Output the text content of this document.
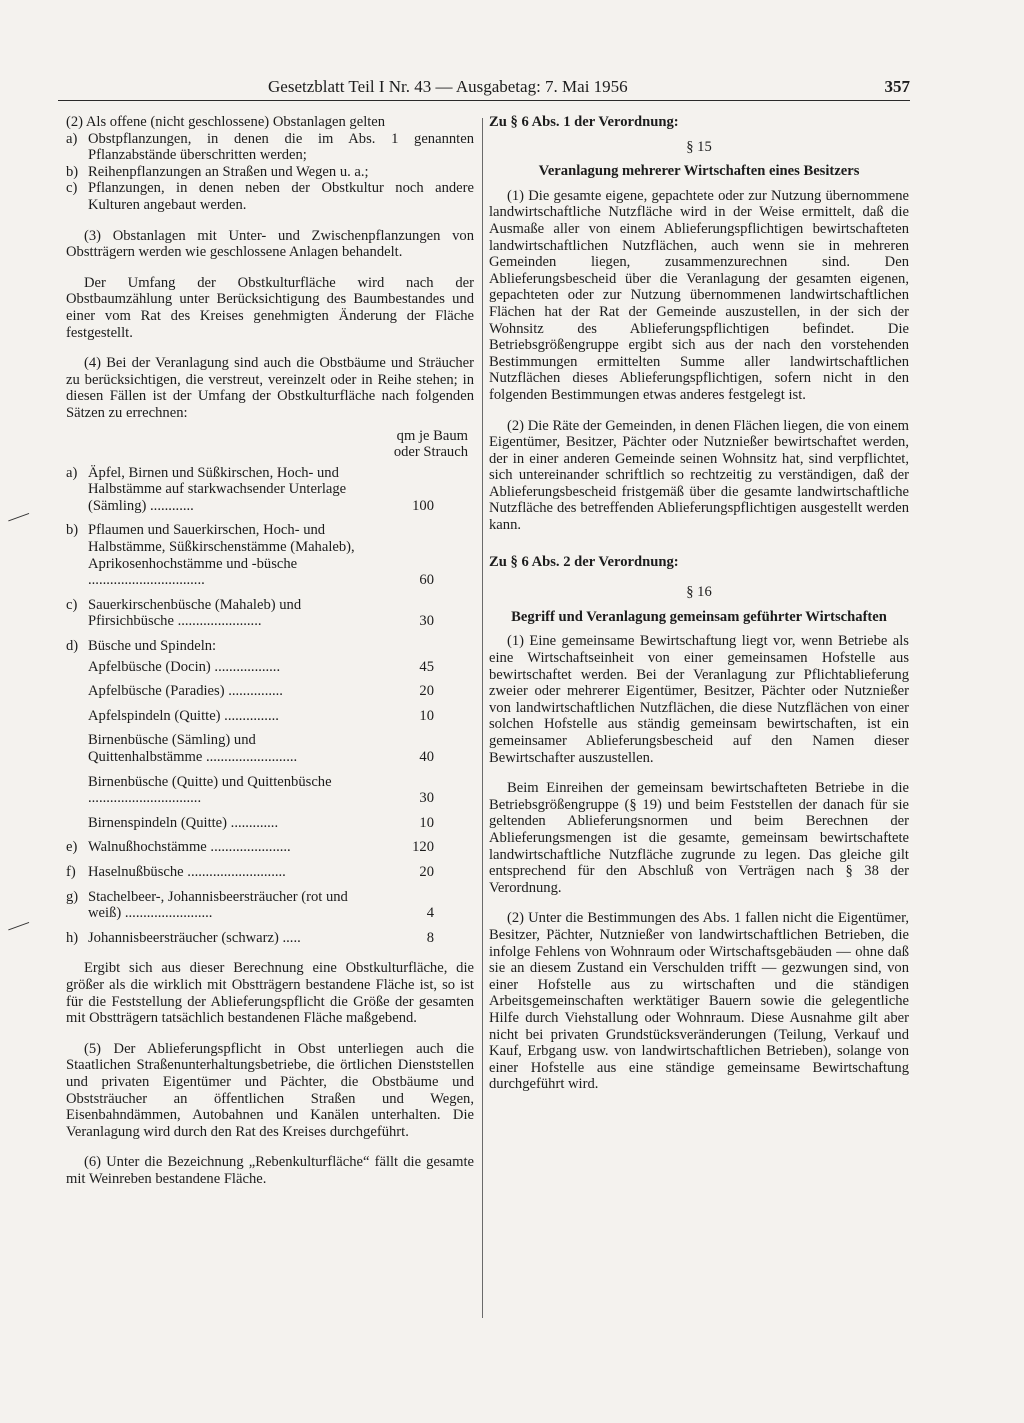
Gesetzblatt Teil I Nr. 43 — Ausgabetag: 7. Mai 1956	357
(2) Als offene (nicht geschlossene) Obstanlagen gelten
a) Obstpflanzungen, in denen die im Abs. 1 genannten Pflanzabstände überschritten werden;
b) Reihenpflanzungen an Straßen und Wegen u. a.;
c) Pflanzungen, in denen neben der Obstkultur noch andere Kulturen angebaut werden.

(3) Obstanlagen mit Unter- und Zwischenpflanzungen von Obstträgern werden wie geschlossene Anlagen behandelt.

Der Umfang der Obstkulturfläche wird nach der Obstbaumzählung unter Berücksichtigung des Baumbestandes und einer vom Rat des Kreises genehmigten Änderung der Fläche festgestellt.

(4) Bei der Veranlagung sind auch die Obstbäume und Sträucher zu berücksichtigen, die verstreut, vereinzelt oder in Reihe stehen; in diesen Fällen ist der Umfang der Obstkulturfläche nach folgenden Sätzen zu errechnen:

qm je Baum
oder Strauch
a) Äpfel, Birnen und Süßkirschen, Hoch- und Halbstämme auf starkwachsender Unterlage (Sämling) ............	100
b) Pflaumen und Sauerkirschen, Hoch- und Halbstämme, Süßkirschenstämme (Mahaleb), Aprikosenhochstämme und -büsche ................................	60
c) Sauerkirschenbüsche (Mahaleb) und Pfirsichbüsche .......................	30
d) Büsche und Spindeln:
Apfelbüsche (Docin) ..................	45
Apfelbüsche (Paradies) ...............	20
Apfelspindeln (Quitte) ...............	10
Birnenbüsche (Sämling) und Quittenhalbstämme .........................	40
Birnenbüsche (Quitte) und Quittenbüsche ...............................	30
Birnenspindeln (Quitte) .............	10
e) Walnußhochstämme ......................	120
f) Haselnußbüsche ...........................	20
g) Stachelbeer-, Johannisbeersträucher (rot und weiß) ........................	4
h) Johannisbeersträucher (schwarz) .....	8

Ergibt sich aus dieser Berechnung eine Obstkulturfläche, die größer als die wirklich mit Obstträgern bestandene Fläche ist, so ist für die Feststellung der Ablieferungspflicht die Größe der gesamten mit Obstträgern tatsächlich bestandenen Fläche maßgebend.

(5) Der Ablieferungspflicht in Obst unterliegen auch die Staatlichen Straßenunterhaltungsbetriebe, die örtlichen Dienststellen und privaten Eigentümer und Pächter, die Obstbäume und Obststräucher an öffentlichen Straßen und Wegen, Eisenbahndämmen, Autobahnen und Kanälen unterhalten. Die Veranlagung wird durch den Rat des Kreises durchgeführt.

(6) Unter die Bezeichnung „Rebenkulturfläche“ fällt die gesamte mit Weinreben bestandene Fläche.

Zu § 6 Abs. 1 der Verordnung:
§ 15
Veranlagung mehrerer Wirtschaften eines Besitzers

(1) Die gesamte eigene, gepachtete oder zur Nutzung übernommene landwirtschaftliche Nutzfläche wird in der Weise ermittelt, daß die Ausmaße aller von einem Ablieferungspflichtigen bewirtschafteten landwirtschaftlichen Nutzflächen, auch wenn sie in mehreren Gemeinden liegen, zusammenzurechnen sind. Den Ablieferungsbescheid über die Veranlagung der gesamten eigenen, gepachteten oder zur Nutzung übernommenen landwirtschaftlichen Flächen hat der Rat der Gemeinde auszustellen, in der sich der Wohnsitz des Ablieferungspflichtigen befindet. Die Betriebsgrößengruppe ergibt sich aus der nach den vorstehenden Bestimmungen ermittelten Summe aller landwirtschaftlichen Nutzflächen dieses Ablieferungspflichtigen, sofern nicht in den folgenden Bestimmungen etwas anderes festgelegt ist.

(2) Die Räte der Gemeinden, in denen Flächen liegen, die von einem Eigentümer, Besitzer, Pächter oder Nutznießer bewirtschaftet werden, der in einer anderen Gemeinde seinen Wohnsitz hat, sind verpflichtet, sich untereinander schriftlich so rechtzeitig zu verständigen, daß der Ablieferungsbescheid fristgemäß über die gesamte landwirtschaftliche Nutzfläche des betreffenden Ablieferungspflichtigen ausgestellt werden kann.

Zu § 6 Abs. 2 der Verordnung:
§ 16
Begriff und Veranlagung gemeinsam geführter Wirtschaften

(1) Eine gemeinsame Bewirtschaftung liegt vor, wenn Betriebe als eine Wirtschaftseinheit von einer gemeinsamen Hofstelle aus bewirtschaftet werden. Bei der Veranlagung zur Pflichtablieferung zweier oder mehrerer Eigentümer, Besitzer, Pächter oder Nutznießer von landwirtschaftlichen Nutzflächen, die diese Nutzflächen von einer solchen Hofstelle aus ständig gemeinsam bewirtschaften, ist ein gemeinsamer Ablieferungsbescheid auf den Namen dieser Bewirtschafter auszustellen.

Beim Einreihen der gemeinsam bewirtschafteten Betriebe in die Betriebsgrößengruppe (§ 19) und beim Feststellen der danach für sie geltenden Ablieferungsnormen und beim Berechnen der Ablieferungsmengen ist die gesamte, gemeinsam bewirtschaftete landwirtschaftliche Nutzfläche zugrunde zu legen. Das gleiche gilt entsprechend für den Abschluß von Verträgen nach § 38 der Verordnung.

(2) Unter die Bestimmungen des Abs. 1 fallen nicht die Eigentümer, Besitzer, Pächter, Nutznießer von landwirtschaftlichen Betrieben, die infolge Fehlens von Wohnraum oder Wirtschaftsgebäuden — ohne daß sie an diesem Zustand ein Verschulden trifft — gezwungen sind, von einer Hofstelle aus zu wirtschaften und die ständigen Arbeitsgemeinschaften werktätiger Bauern sowie die gelegentliche Hilfe durch Viehstallung oder Wohnraum. Diese Ausnahme gilt aber nicht bei privaten Grundstücksveränderungen (Teilung, Verkauf und Kauf, Erbgang usw. von landwirtschaftlichen Betrieben), solange von einer Hofstelle aus eine ständige gemeinsame Bewirtschaftung durchgeführt wird.
